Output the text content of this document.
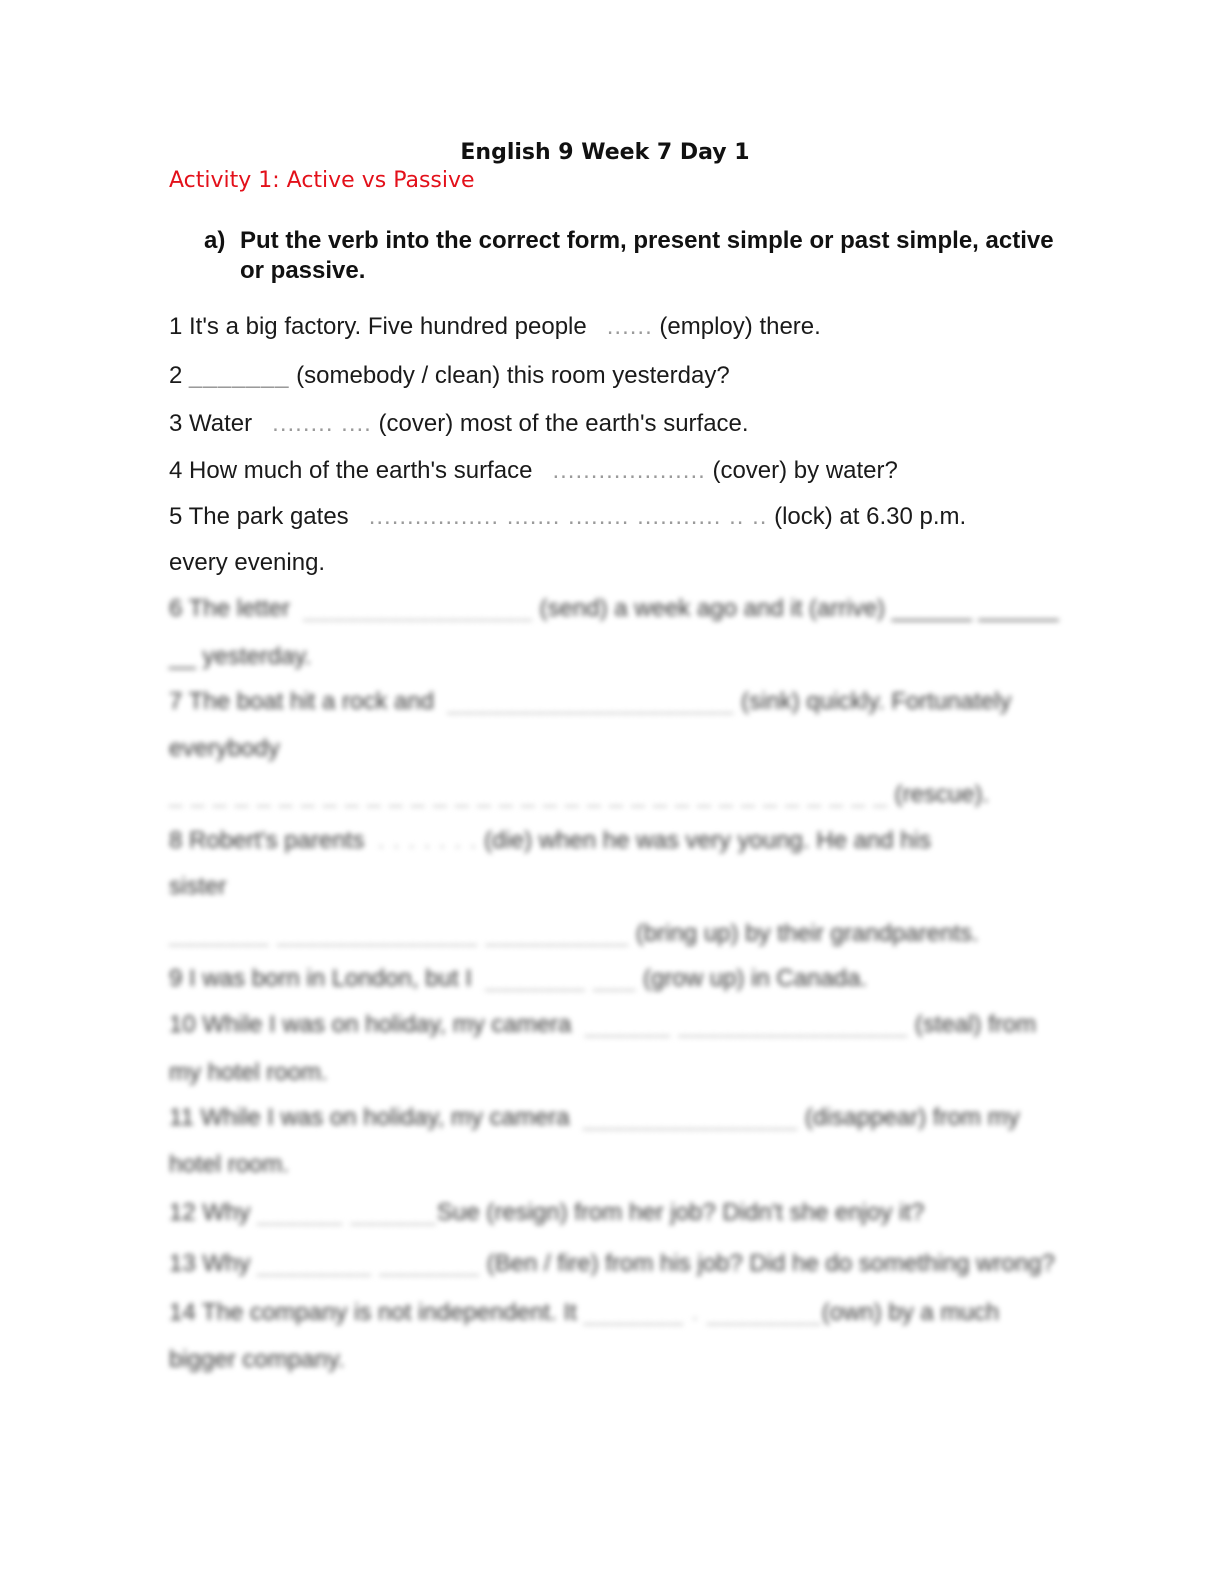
English 9 Week 7 Day 1
Activity 1: Active vs Passive
a) Put the verb into the correct form, present simple or past simple, active or passive.
1 It's a big factory. Five hundred people ...... (employ) there.
2 _______ (somebody / clean) this room yesterday?
3 Water ........ .... (cover) most of the earth's surface.
4 How much of the earth's surface .................... (cover) by water?
5 The park gates ................. ....... ........ ........... .. .. (lock) at 6.30 p.m.
every evening.
6 The letter ________________ (send) a week ago and it (arrive) ______ ______
__ yesterday.
7 The boat hit a rock and ____________________ (sink) quickly. Fortunately
everybody
_ _ _ _ _ _ _ _ _ _ _ _ _ _ _ _ _ _ _ _ _ _ _ _ _ _ _ _ _ _ _ _ _ (rescue).
8 Robert's parents . . . . . . . (die) when he was very young. He and his
sister
_______ ______________ __________ (bring up) by their grandparents.
9 I was born in London, but I _______ ___ (grow up) in Canada.
10 While I was on holiday, my camera ______ ________________ (steal) from
my hotel room.
11 While I was on holiday, my camera _______________ (disappear) from my
hotel room.
12 Why ______ ______Sue (resign) from her job? Didn't she enjoy it?
13 Why ________ _______ (Ben / fire) from his job? Did he do something wrong?
14 The company is not independent. It _______ . ________(own) by a much
bigger company.
